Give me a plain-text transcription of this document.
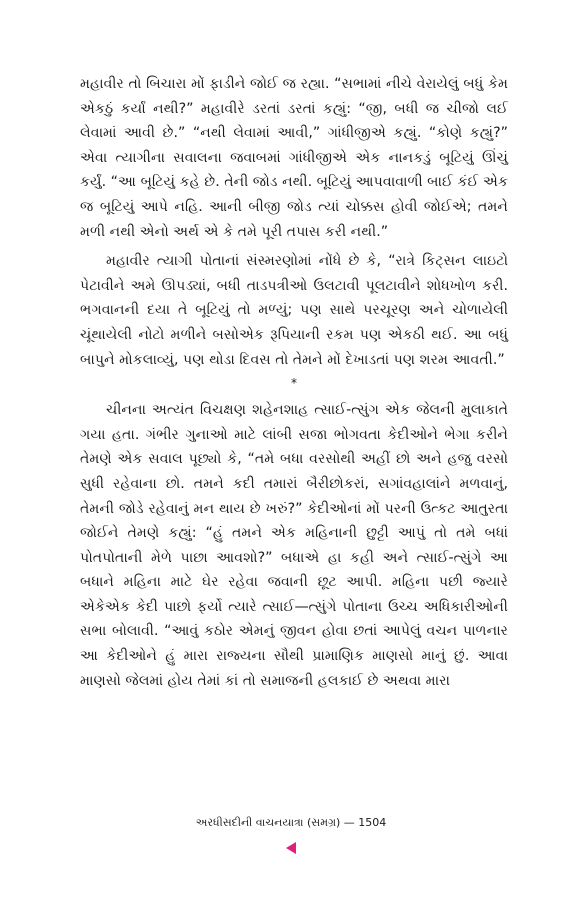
મહાવીર તો બિચારા મોં ફાડીને જોઈ જ રહ્યા. “સભામાં નીચે વેરાયેલું બધું કેમ એકઠું કર્યાં નથી?” મહાવીરે ડરતાં ડરતાં કહ્યું: “જી, બધી જ ચીજો લઈ લેવામાં આવી છે.” “નથી લેવામાં આવી,” ગાંધીજીએ કહ્યું. “કોણે કહ્યું?” એવા ત્યાગીના સવાલના જવાબમાં ગાંધીજીએ એક નાનકડું બૂટિયું ઊંચું કર્યું. “આ બૂટિયું કહે છે. તેની જોડ નથી. બૂટિયું આપવાવાળી બાઈ કંઈ એક જ બૂટિયું આપે નહિ. આની બીજી જોડ ત્યાં ચોક્કસ હોવી જોઈએ; તમને મળી નથી એનો અર્થ એ કે તમે પૂરી તપાસ કરી નથી.”

મહાવીર ત્યાગી પોતાનાં સંસ્મરણોમાં નોંધે છે કે, “રાત્રે કિટ્સન લાઇટો પેટાવીને અમે ઊપડ્યાં, બધી તાડપત્રીઓ ઉલટાવી પૂલટાવીને શોધખોળ કરી. ભગવાનની દયા તે બૂટિયું તો મળ્યું; પણ સાથે પરચૂરણ અને ચોળાયેલી ચૂંથાયેલી નોટો મળીને બસોએક રૂપિયાની રકમ પણ એકઠી થઈ. આ બધું બાપુને મોકલાવ્યું, પણ થોડા દિવસ તો તેમને મોં દેખાડતાં પણ શરમ આવતી.”

*

ચીનના અત્યંત વિચક્ષણ શહેનશાહ ત્સાઈ-ત્સુંગ એક જેલની મુલાકાતે ગયા હતા. ગંભીર ગુનાઓ માટે લાંબી સજા ભોગવતા કેદીઓને ભેગા કરીને તેમણે એક સવાલ પૂછ્યો કે, “તમે બધા વરસોથી અહીં છો અને હજુ વરસો સુધી રહેવાના છો. તમને કદી તમારાં બૈરીછોકરાં, સગાંવહાલાંને મળવાનું, તેમની જોડે રહેવાનું મન થાય છે ખરું?” કેદીઓનાં મોં પરની ઉત્કટ આતુરતા જોઈને તેમણે કહ્યું: “હું તમને એક મહિનાની છુટ્ટી આપું તો તમે બધાં પોતપોતાની મેળે પાછા આવશો?” બધાએ હા કહી અને ત્સાઈ-ત્સુંગે આ બધાને મહિના માટે ઘેર રહેવા જવાની છૂટ આપી. મહિના પછી જ્યારે એકેએક કેદી પાછો ફર્યો ત્યારે ત્સાઈ—ત્સુંગે પોતાના ઉચ્ચ અધિકારીઓની સભા બોલાવી. “આવું કઠોર એમનું જીવન હોવા છતાં આપેલું વચન પાળનાર આ કેદીઓને હું મારા રાજ્યના સૌથી પ્રામાણિક માણસો માનું છું. આવા માણસો જેલમાં હોય તેમાં કાં તો સમાજની હલકાઈ છે અથવા મારા

અરધીસદીની વાચનયાત્રા (સમગ્ર) — 1504
